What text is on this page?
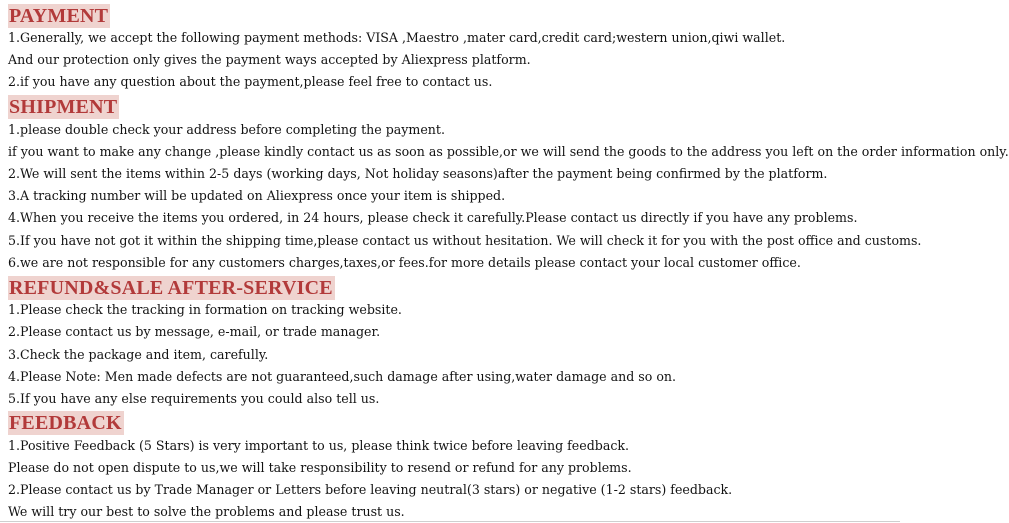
PAYMENT
1.Generally, we accept the following payment methods: VISA ,Maestro ,mater card,credit card;western union,qiwi wallet.
And our protection only gives the payment ways accepted by Aliexpress platform.
2.if you have any question about the payment,please feel free to contact us.
SHIPMENT
1.please double check your address before completing the payment.
if you want to make any change ,please kindly contact us as soon as possible,or we will send the goods to the address you left on the order information only.
2.We will sent the items within 2-5 days (working days, Not holiday seasons)after the payment being confirmed by the platform.
3.A tracking number will be updated on Aliexpress once your item is shipped.
4.When you receive the items you ordered, in 24 hours, please check it carefully.Please contact us directly if you have any problems.
5.If you have not got it within the shipping time,please contact us without hesitation. We will check it for you with the post office and customs.
6.we are not responsible for any customers charges,taxes,or fees.for more details please contact your local customer office.
REFUND&SALE AFTER-SERVICE
1.Please check the tracking in formation on tracking website.
2.Please contact us by message, e-mail, or trade manager.
3.Check the package and item, carefully.
4.Please Note: Men made defects are not guaranteed,such damage after using,water damage and so on.
5.If you have any else requirements you could also tell us.
FEEDBACK
1.Positive Feedback (5 Stars) is very important to us, please think twice before leaving feedback.
Please do not open dispute to us,we will take responsibility to resend or refund for any problems.
2.Please contact us by Trade Manager or Letters before leaving neutral(3 stars) or negative (1-2 stars) feedback.
We will try our best to solve the problems and please trust us.
